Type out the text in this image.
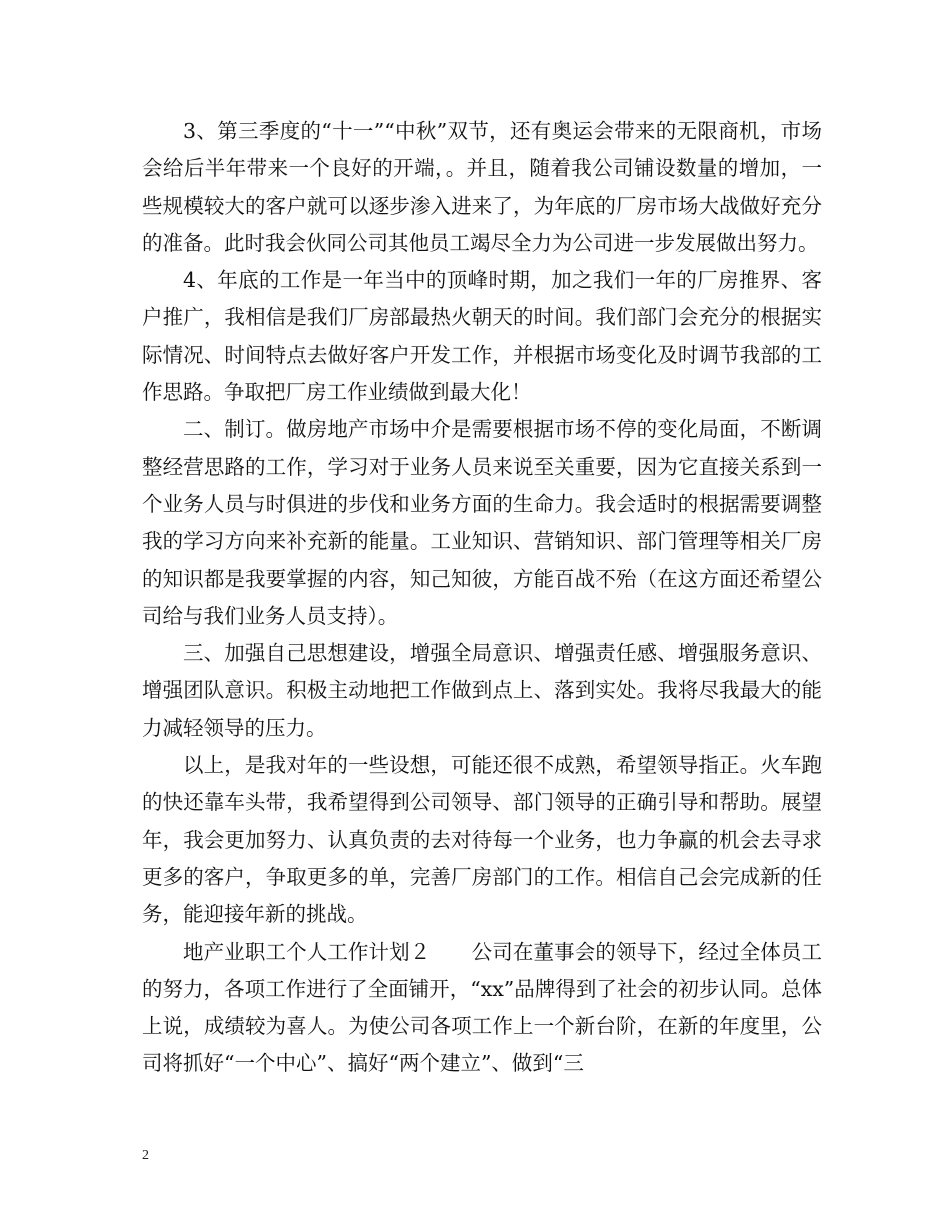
3、第三季度的“十一”“中秋”双节，还有奥运会带来的无限商机，市场会给后半年带来一个良好的开端，。并且，随着我公司铺设数量的增加，一些规模较大的客户就可以逐步渗入进来了，为年底的厂房市场大战做好充分的准备。此时我会伙同公司其他员工竭尽全力为公司进一步发展做出努力。

4、年底的工作是一年当中的顶峰时期，加之我们一年的厂房推界、客户推广，我相信是我们厂房部最热火朝天的时间。我们部门会充分的根据实际情况、时间特点去做好客户开发工作，并根据市场变化及时调节我部的工作思路。争取把厂房工作业绩做到最大化！

二、制订。做房地产市场中介是需要根据市场不停的变化局面，不断调整经营思路的工作，学习对于业务人员来说至关重要，因为它直接关系到一个业务人员与时俱进的步伐和业务方面的生命力。我会适时的根据需要调整我的学习方向来补充新的能量。工业知识、营销知识、部门管理等相关厂房的知识都是我要掌握的内容，知己知彼，方能百战不殆（在这方面还希望公司给与我们业务人员支持）。

三、加强自己思想建设，增强全局意识、增强责任感、增强服务意识、增强团队意识。积极主动地把工作做到点上、落到实处。我将尽我最大的能力减轻领导的压力。

以上，是我对年的一些设想，可能还很不成熟，希望领导指正。火车跑的快还靠车头带，我希望得到公司领导、部门领导的正确引导和帮助。展望年，我会更加努力、认真负责的去对待每一个业务，也力争赢的机会去寻求更多的客户，争取更多的单，完善厂房部门的工作。相信自己会完成新的任务，能迎接年新的挑战。

地产业职工个人工作计划２　　公司在董事会的领导下，经过全体员工的努力，各项工作进行了全面铺开，“xx”品牌得到了社会的初步认同。总体上说，成绩较为喜人。为使公司各项工作上一个新台阶，在新的年度里，公司将抓好“一个中心”、搞好“两个建立”、做到“三

2
